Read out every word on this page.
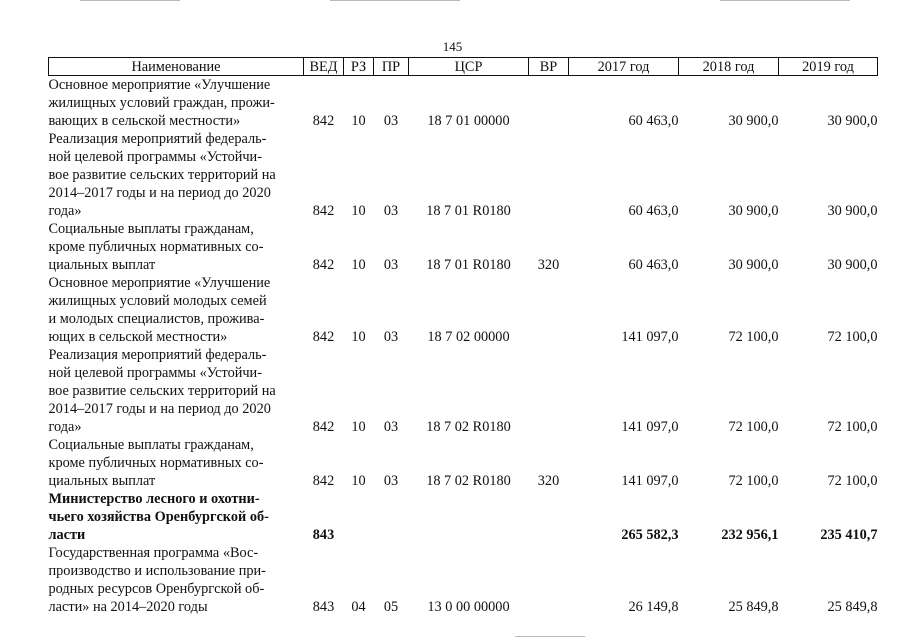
145
Наименование	ВЕД	РЗ	ПР	ЦСР	ВР	2017 год	2018 год	2019 год

Основное мероприятие «Улучшение
жилищных условий граждан, прожи-
вающих в сельской местности»	842	10	03	18 7 01 00000		60 463,0	30 900,0	30 900,0

Реализация мероприятий федераль-
ной целевой программы «Устойчи-
вое развитие сельских территорий на
2014–2017 годы и на период до 2020
года»	842	10	03	18 7 01 R0180		60 463,0	30 900,0	30 900,0

Социальные выплаты гражданам,
кроме публичных нормативных со-
циальных выплат	842	10	03	18 7 01 R0180	320	60 463,0	30 900,0	30 900,0

Основное мероприятие «Улучшение
жилищных условий молодых семей
и молодых специалистов, прожива-
ющих в сельской местности»	842	10	03	18 7 02 00000		141 097,0	72 100,0	72 100,0

Реализация мероприятий федераль-
ной целевой программы «Устойчи-
вое развитие сельских территорий на
2014–2017 годы и на период до 2020
года»	842	10	03	18 7 02 R0180		141 097,0	72 100,0	72 100,0

Социальные выплаты гражданам,
кроме публичных нормативных со-
циальных выплат	842	10	03	18 7 02 R0180	320	141 097,0	72 100,0	72 100,0

Министерство лесного и охотни-
чьего хозяйства Оренбургской об-
ласти	843					265 582,3	232 956,1	235 410,7

Государственная программа «Вос-
производство и использование при-
родных ресурсов Оренбургской об-
ласти» на 2014–2020 годы	843	04	05	13 0 00 00000		26 149,8	25 849,8	25 849,8
